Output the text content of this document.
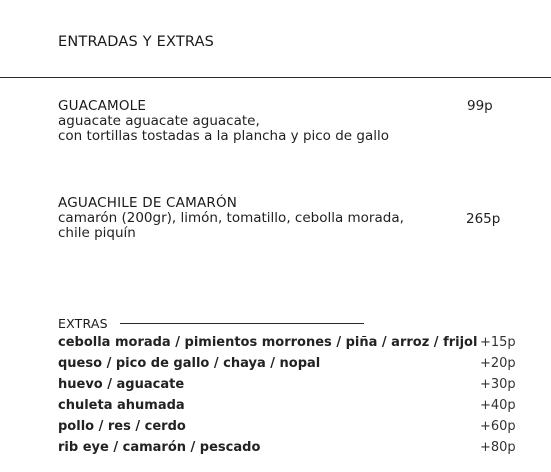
ENTRADAS Y EXTRAS
GUACAMOLE
aguacate aguacate aguacate,
con tortillas tostadas a la plancha y pico de gallo
99p
AGUACHILE DE CAMARÓN
camarón (200gr), limón, tomatillo, cebolla morada,
chile piquín
265p
EXTRAS
cebolla morada / pimientos morrones / piña / arroz / frijol +15p
queso / pico de gallo / chaya / nopal	+20p
huevo / aguacate	+30p
chuleta ahumada	+40p
pollo / res / cerdo	+60p
rib eye / camarón / pescado	+80p
